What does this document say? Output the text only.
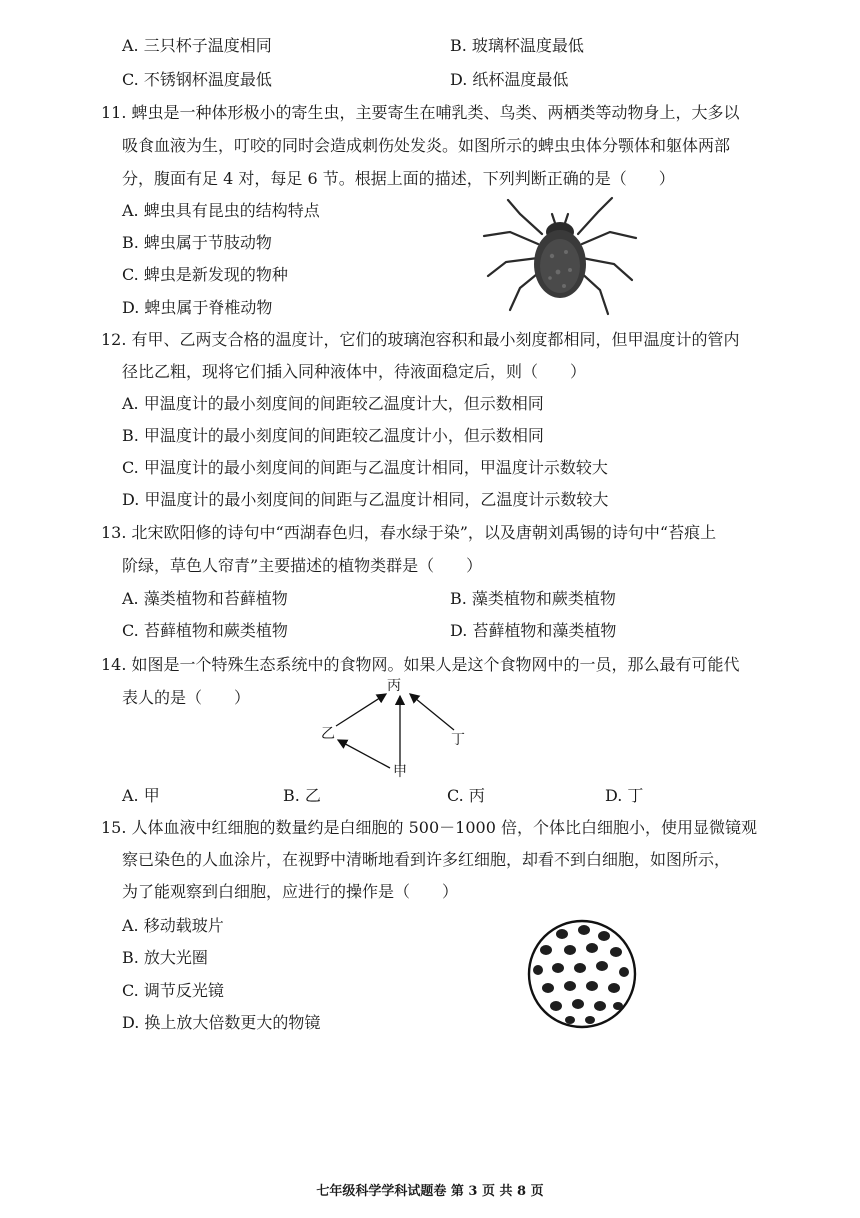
A. 三只杯子温度相同	B. 玻璃杯温度最低
C. 不锈钢杯温度最低	D. 纸杯温度最低
11. 蜱虫是一种体形极小的寄生虫，主要寄生在哺乳类、鸟类、两栖类等动物身上，大多以
吸食血液为生，叮咬的同时会造成刺伤处发炎。如图所示的蜱虫虫体分颚体和躯体两部
分，腹面有足 4 对，每足 6 节。根据上面的描述，下列判断正确的是（　　）
A. 蜱虫具有昆虫的结构特点
B. 蜱虫属于节肢动物
C. 蜱虫是新发现的物种
D. 蜱虫属于脊椎动物
12. 有甲、乙两支合格的温度计，它们的玻璃泡容积和最小刻度都相同，但甲温度计的管内
径比乙粗，现将它们插入同种液体中，待液面稳定后，则（　　）
A. 甲温度计的最小刻度间的间距较乙温度计大，但示数相同
B. 甲温度计的最小刻度间的间距较乙温度计小，但示数相同
C. 甲温度计的最小刻度间的间距与乙温度计相同，甲温度计示数较大
D. 甲温度计的最小刻度间的间距与乙温度计相同，乙温度计示数较大
13. 北宋欧阳修的诗句中“西湖春色归，春水绿于染”，以及唐朝刘禹锡的诗句中“苔痕上
阶绿，草色人帘青”主要描述的植物类群是（　　）
A. 藻类植物和苔藓植物	B. 藻类植物和蕨类植物
C. 苔藓植物和蕨类植物	D. 苔藓植物和藻类植物
14. 如图是一个特殊生态系统中的食物网。如果人是这个食物网中的一员，那么最有可能代
表人的是（　　）
丙
乙	丁
甲
A. 甲	B. 乙	C. 丙	D. 丁
15. 人体血液中红细胞的数量约是白细胞的 500－1000 倍，个体比白细胞小，使用显微镜观
察已染色的人血涂片，在视野中清晰地看到许多红细胞，却看不到白细胞，如图所示，
为了能观察到白细胞，应进行的操作是（　　）
A. 移动载玻片
B. 放大光圈
C. 调节反光镜
D. 换上放大倍数更大的物镜
七年级科学学科试题卷 第 3 页 共 8 页
